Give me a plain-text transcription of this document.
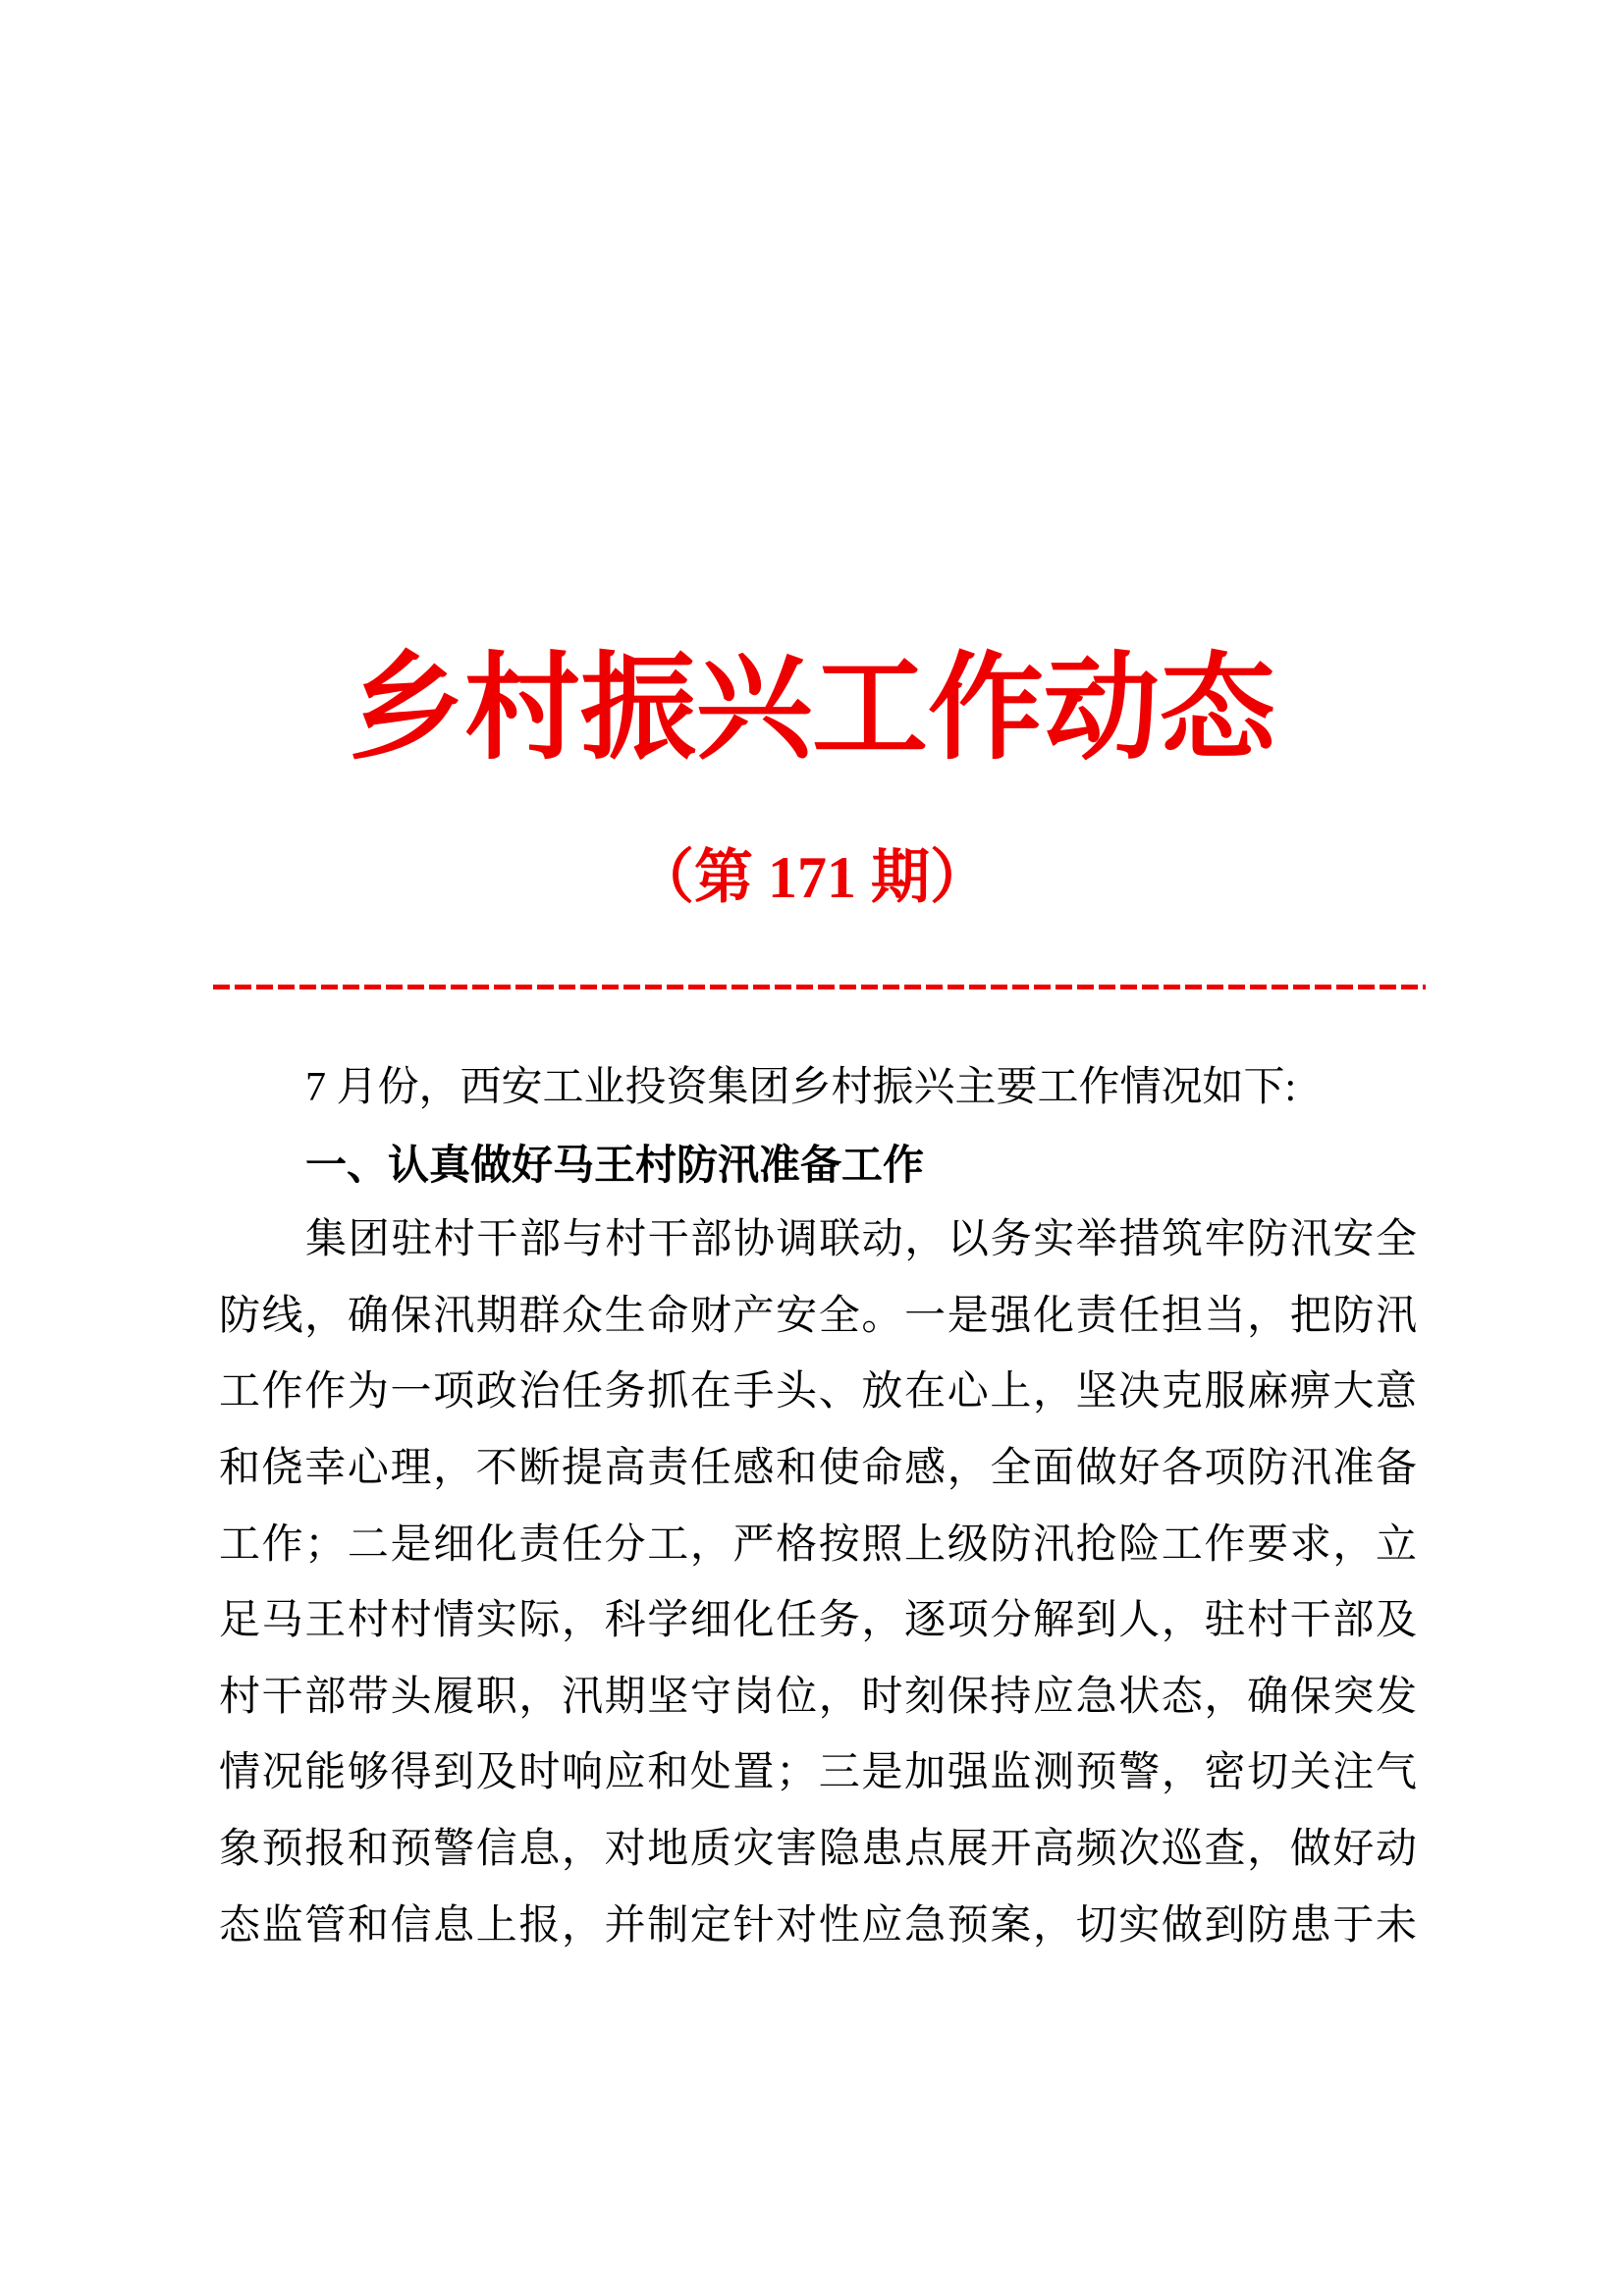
乡村振兴工作动态
（第 171 期）

7 月份，西安工业投资集团乡村振兴主要工作情况如下:

一、认真做好马王村防汛准备工作

集团驻村干部与村干部协调联动，以务实举措筑牢防汛安全

防线，确保汛期群众生命财产安全。一是强化责任担当，把防汛

工作作为一项政治任务抓在手头、放在心上，坚决克服麻痹大意

和侥幸心理，不断提高责任感和使命感，全面做好各项防汛准备

工作；二是细化责任分工，严格按照上级防汛抢险工作要求，立

足马王村村情实际，科学细化任务，逐项分解到人，驻村干部及

村干部带头履职，汛期坚守岗位，时刻保持应急状态，确保突发

情况能够得到及时响应和处置；三是加强监测预警，密切关注气

象预报和预警信息，对地质灾害隐患点展开高频次巡查，做好动

态监管和信息上报，并制定针对性应急预案，切实做到防患于未
